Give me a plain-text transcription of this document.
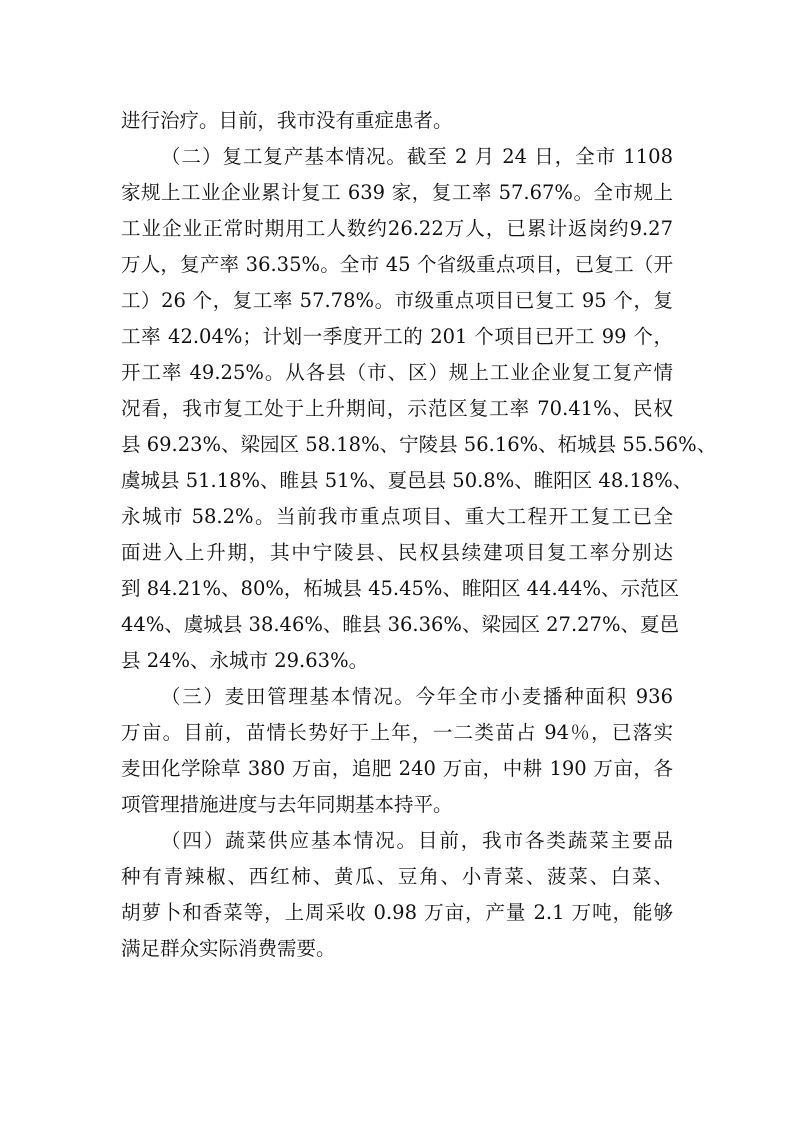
进行治疗。目前，我市没有重症患者。
（二）复工复产基本情况。截至 2 月 24 日，全市 1108
家规上工业企业累计复工 639 家，复工率 57.67%。全市规上
工业企业正常时期用工人数约26.22万人，已累计返岗约9.27
万人，复产率 36.35%。全市 45 个省级重点项目，已复工（开
工）26 个，复工率 57.78%。市级重点项目已复工 95 个，复
工率 42.04%；计划一季度开工的 201 个项目已开工 99 个，
开工率 49.25%。从各县（市、区）规上工业企业复工复产情
况看，我市复工处于上升期间，示范区复工率 70.41%、民权
县 69.23%、梁园区 58.18%、宁陵县 56.16%、柘城县 55.56%、
虞城县 51.18%、睢县 51%、夏邑县 50.8%、睢阳区 48.18%、
永城市 58.2%。当前我市重点项目、重大工程开工复工已全
面进入上升期，其中宁陵县、民权县续建项目复工率分别达
到 84.21%、80%，柘城县 45.45%、睢阳区 44.44%、示范区
44%、虞城县 38.46%、睢县 36.36%、梁园区 27.27%、夏邑
县 24%、永城市 29.63%。
（三）麦田管理基本情况。今年全市小麦播种面积 936
万亩。目前，苗情长势好于上年，一二类苗占 94％，已落实
麦田化学除草 380 万亩，追肥 240 万亩，中耕 190 万亩，各
项管理措施进度与去年同期基本持平。
（四）蔬菜供应基本情况。目前，我市各类蔬菜主要品
种有青辣椒、西红柿、黄瓜、豆角、小青菜、菠菜、白菜、
胡萝卜和香菜等，上周采收 0.98 万亩，产量 2.1 万吨，能够
满足群众实际消费需要。
